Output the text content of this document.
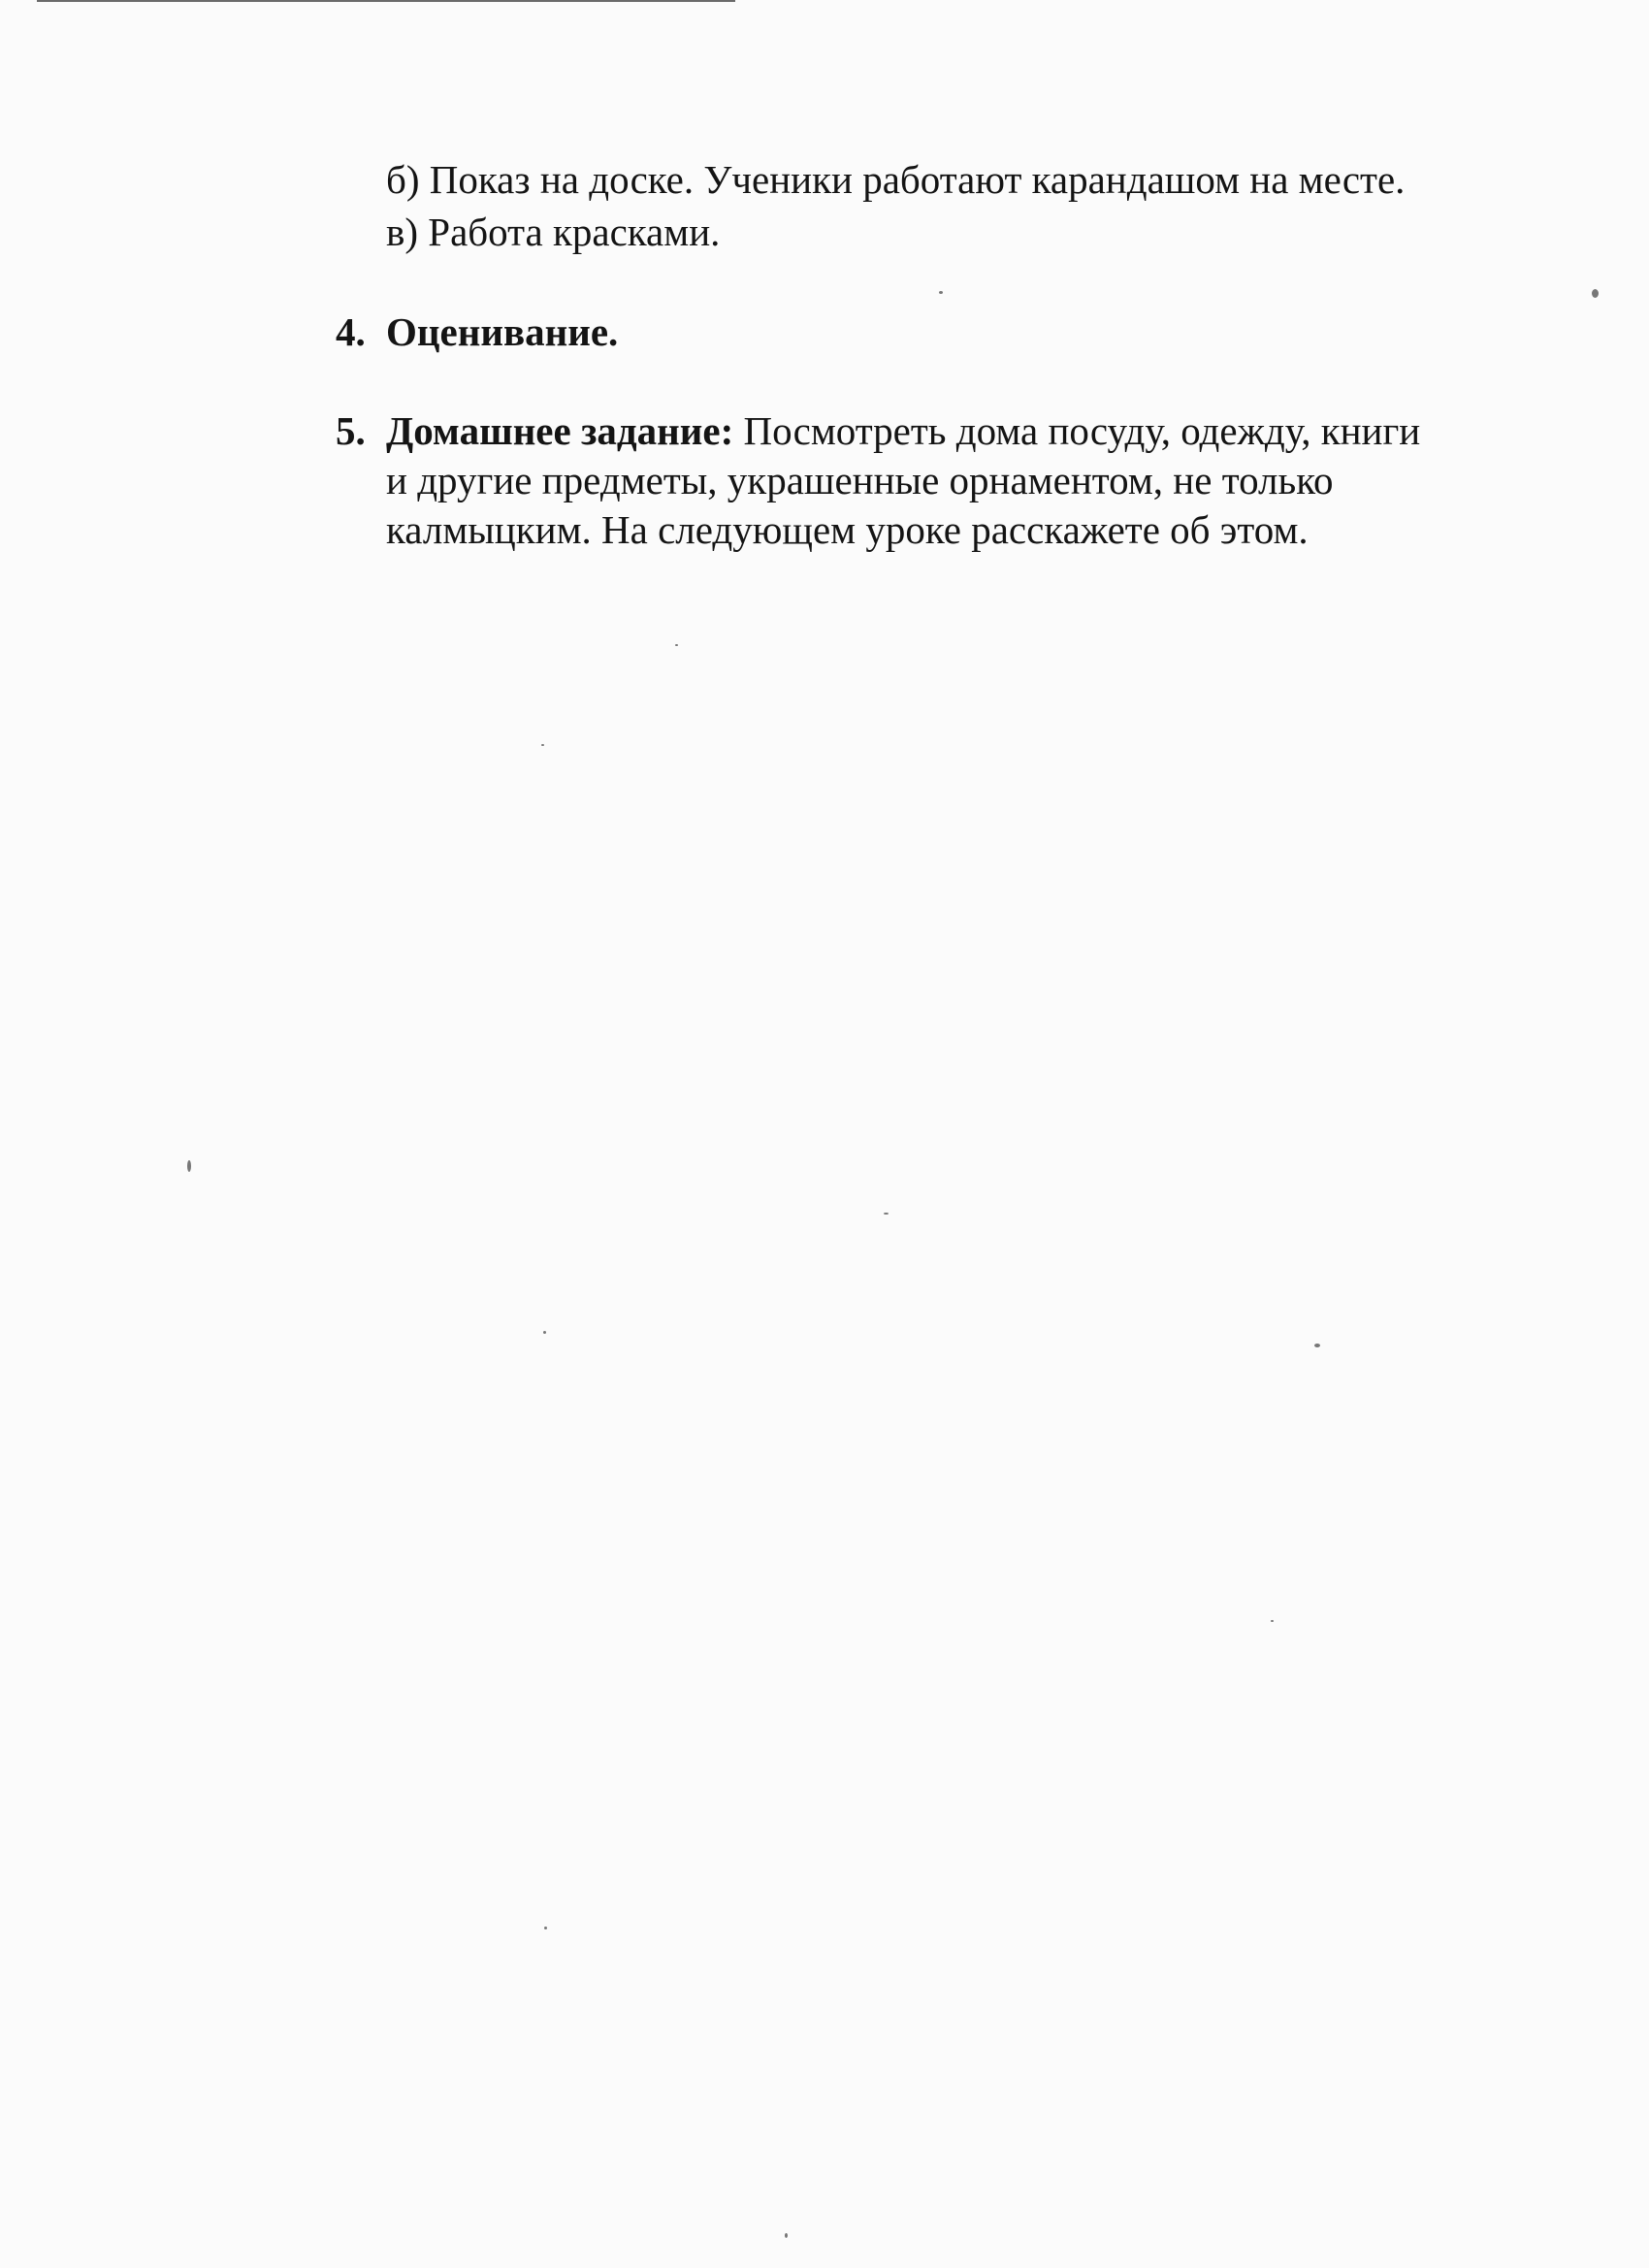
б) Показ на доске. Ученики работают карандашом на месте.
в) Работа красками.
4. Оценивание.
5. Домашнее задание: Посмотреть дома посуду, одежду, книги
и другие предметы, украшенные орнаментом, не только
калмыцким. На следующем уроке расскажете об этом.
